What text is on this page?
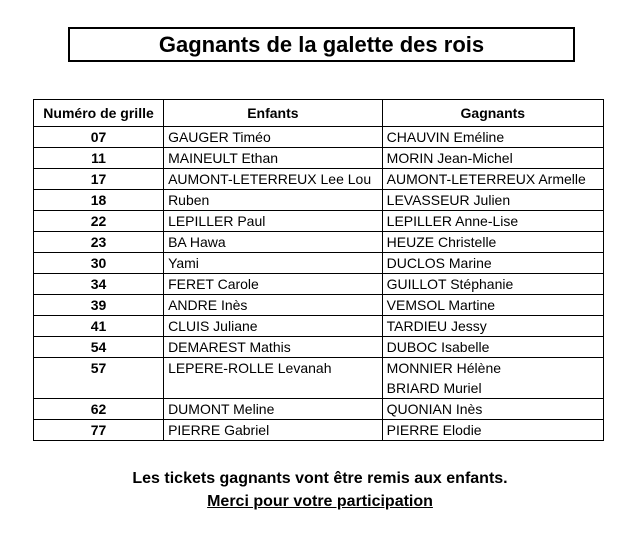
Gagnants de la galette des rois
Numéro de grille	Enfants	Gagnants
07	GAUGER Timéo	CHAUVIN Eméline

11	MAINEULT Ethan	MORIN Jean-Michel

17	AUMONT-LETERREUX Lee Lou	AUMONT-LETERREUX Armelle

18	Ruben	LEVASSEUR Julien

22	LEPILLER Paul	LEPILLER Anne-Lise

23	BA Hawa	HEUZE Christelle

30	Yami	DUCLOS Marine

34	FERET Carole	GUILLOT Stéphanie

39	ANDRE Inès	VEMSOL Martine

41	CLUIS Juliane	TARDIEU Jessy

54	DEMAREST Mathis	DUBOC Isabelle

57	LEPERE-ROLLE Levanah	MONNIER Hélène
BRIARD Muriel

62	DUMONT Meline	QUONIAN Inès

77	PIERRE Gabriel	PIERRE Elodie
Les tickets gagnants vont être remis aux enfants.
Merci pour votre participation
